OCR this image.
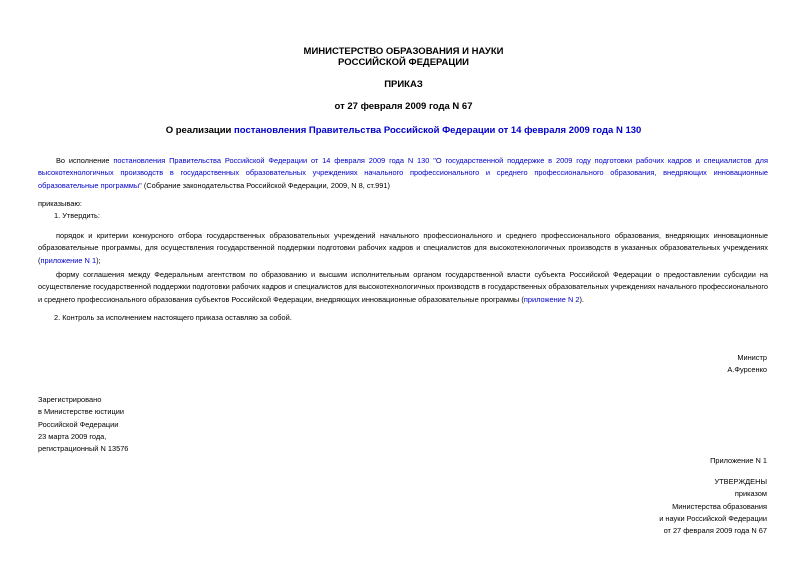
МИНИСТЕРСТВО ОБРАЗОВАНИЯ И НАУКИ
РОССИЙСКОЙ ФЕДЕРАЦИИ
ПРИКАЗ
от 27 февраля 2009 года N 67
О реализации постановления Правительства Российской Федерации от 14 февраля 2009 года N 130
Во исполнение постановления Правительства Российской Федерации от 14 февраля 2009 года N 130 "О государственной поддержке в 2009 году подготовки рабочих кадров и специалистов для высокотехнологичных производств в государственных образовательных учреждениях начального профессионального и среднего профессионального образования, внедряющих инновационные образовательные программы" (Собрание законодательства Российской Федерации, 2009, N 8, ст.991)
приказываю:
1. Утвердить:
порядок и критерии конкурсного отбора государственных образовательных учреждений начального профессионального и среднего профессионального образования, внедряющих инновационные образовательные программы, для осуществления государственной поддержки подготовки рабочих кадров и специалистов для высокотехнологичных производств в указанных образовательных учреждениях (приложение N 1);
форму соглашения между Федеральным агентством по образованию и высшим исполнительным органом государственной власти субъекта Российской Федерации о предоставлении субсидии на осуществление государственной поддержки подготовки рабочих кадров и специалистов для высокотехнологичных производств в государственных образовательных учреждениях начального профессионального и среднего профессионального образования субъектов Российской Федерации, внедряющих инновационные образовательные программы (приложение N 2).
2. Контроль за исполнением настоящего приказа оставляю за собой.
Министр
А.Фурсенко
Зарегистрировано
в Министерстве юстиции
Российской Федерации
23 марта 2009 года,
регистрационный N 13576
Приложение N 1
УТВЕРЖДЕНЫ
приказом
Министерства образования
и науки Российской Федерации
от 27 февраля 2009 года N 67
